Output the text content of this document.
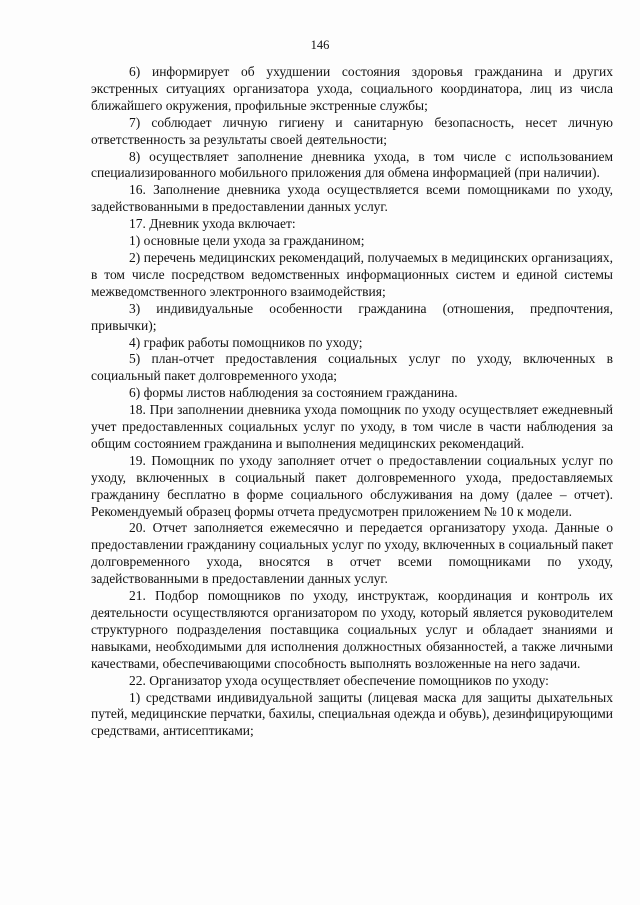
146

6) информирует об ухудшении состояния здоровья гражданина и других экстренных ситуациях организатора ухода, социального координатора, лиц из числа ближайшего окружения, профильные экстренные службы;

7) соблюдает личную гигиену и санитарную безопасность, несет личную ответственность за результаты своей деятельности;

8) осуществляет заполнение дневника ухода, в том числе с использованием специализированного мобильного приложения для обмена информацией (при наличии).

16. Заполнение дневника ухода осуществляется всеми помощниками по уходу, задействованными в предоставлении данных услуг.

17. Дневник ухода включает:

1) основные цели ухода за гражданином;

2) перечень медицинских рекомендаций, получаемых в медицинских организациях, в том числе посредством ведомственных информационных систем и единой системы межведомственного электронного взаимодействия;

3) индивидуальные особенности гражданина (отношения, предпочтения, привычки);

4) график работы помощников по уходу;

5) план-отчет предоставления социальных услуг по уходу, включенных в социальный пакет долговременного ухода;

6) формы листов наблюдения за состоянием гражданина.

18. При заполнении дневника ухода помощник по уходу осуществляет ежедневный учет предоставленных социальных услуг по уходу, в том числе в части наблюдения за общим состоянием гражданина и выполнения медицинских рекомендаций.

19. Помощник по уходу заполняет отчет о предоставлении социальных услуг по уходу, включенных в социальный пакет долговременного ухода, предоставляемых гражданину бесплатно в форме социального обслуживания на дому (далее – отчет). Рекомендуемый образец формы отчета предусмотрен приложением № 10 к модели.

20. Отчет заполняется ежемесячно и передается организатору ухода. Данные о предоставлении гражданину социальных услуг по уходу, включенных в социальный пакет долговременного ухода, вносятся в отчет всеми помощниками по уходу, задействованными в предоставлении данных услуг.

21. Подбор помощников по уходу, инструктаж, координация и контроль их деятельности осуществляются организатором по уходу, который является руководителем структурного подразделения поставщика социальных услуг и обладает знаниями и навыками, необходимыми для исполнения должностных обязанностей, а также личными качествами, обеспечивающими способность выполнять возложенные на него задачи.

22. Организатор ухода осуществляет обеспечение помощников по уходу:

1) средствами индивидуальной защиты (лицевая маска для защиты дыхательных путей, медицинские перчатки, бахилы, специальная одежда и обувь), дезинфицирующими средствами, антисептиками;
